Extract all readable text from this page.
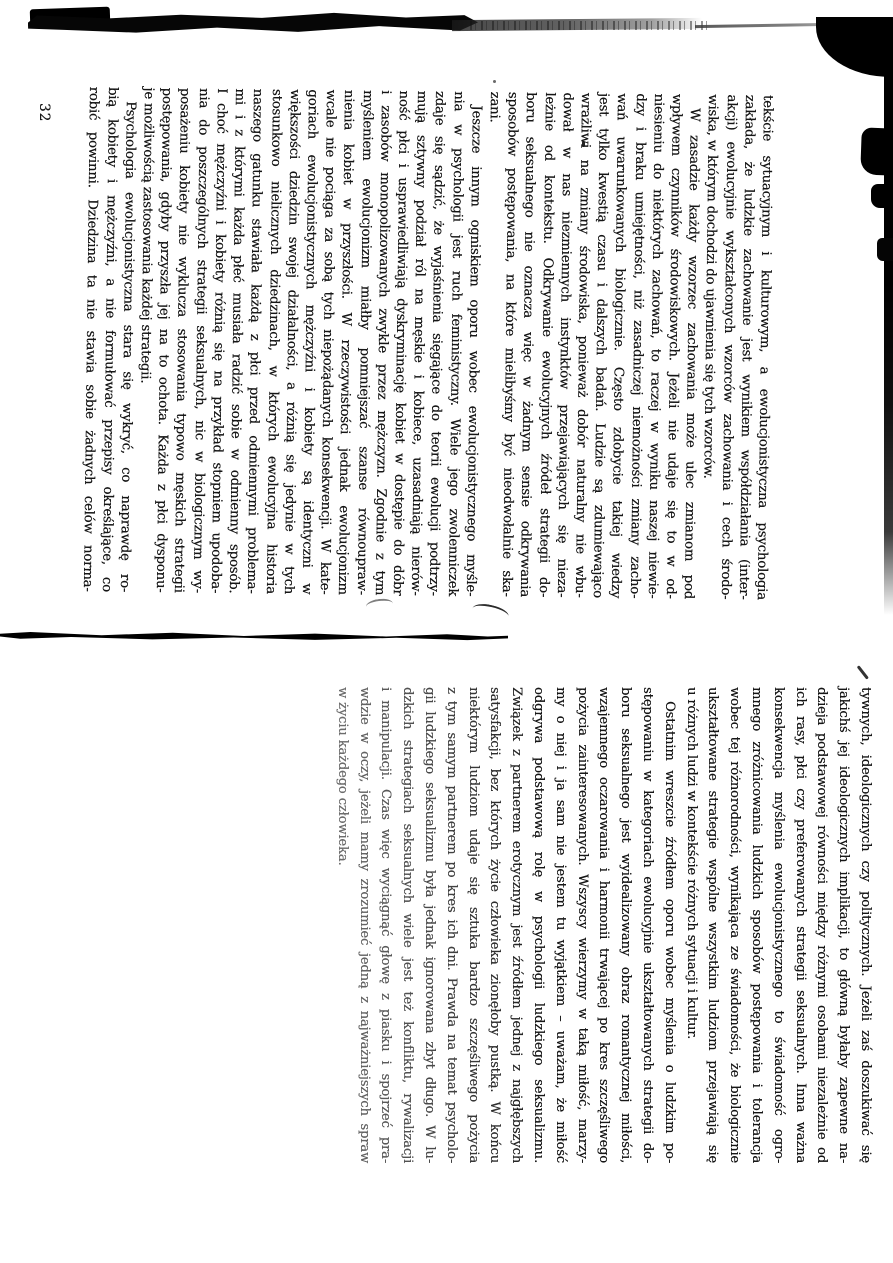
32	tekście sytuacyjnym i kulturowym, a ewolucjonistyczna psychologia
zakłada, że ludzkie zachowanie jest wynikiem współdziałania (inter-
akcji) ewolucyjnie wykształconych wzorców zachowania i cech środo-
wiska, w którym dochodzi do ujawnienia się tych wzorców.
W zasadzie każdy wzorzec zachowania może ulec zmianom pod
wpływem czynników środowiskowych. Jeżeli nie udaje się to w od-
niesieniu do niektórych zachowań, to raczej w wyniku naszej niewie-
dzy i braku umiejętności, niż zasadniczej niemożności zmiany zacho-
wań uwarunkowanych biologicznie. Często zdobycie takiej wiedzy
jest tylko kwestią czasu i dalszych badań. Ludzie są zdumiewająco
wrażliwi na zmiany środowiska, ponieważ dobór naturalny nie wbu-
dował w nas niezmiennych instynktów przejawiających się nieza-
leżnie od kontekstu. Odkrywanie ewolucyjnych źródeł strategii do-
boru seksualnego nie oznacza więc w żadnym sensie odkrywania
sposobów postępowania, na które mielibyśmy być nieodwołalnie ska-
zani.
Jeszcze innym ogniskiem oporu wobec ewolucjonistycznego myśle-
nia w psychologii jest ruch feministyczny. Wiele jego zwolenniczek
zdaje się sądzić, że wyjaśnienia sięgające do teorii ewolucji podtrzy-
mują sztywny podział ról na męskie i kobiece, uzasadniają nierów-
ność płci i usprawiedliwiają dyskryminację kobiet w dostępie do dóbr
i zasobów monopolizowanych zwykle przez mężczyzn. Zgodnie z tym
myśleniem ewolucjonizm miałby pomniejszać szanse równoupraw-
nienia kobiet w przyszłości. W rzeczywistości jednak ewolucjonizm
wcale nie pociąga za sobą tych niepożądanych konsekwencji. W kate-
goriach ewolucjonistycznych mężczyźni i kobiety są identyczni w
większości dziedzin swojej działalności, a różnią się jedynie w tych
stosunkowo nielicznych dziedzinach, w których ewolucyjna historia
naszego gatunku stawiała każdą z płci przed odmiennymi problema-
mi i z którymi każda płeć musiała radzić sobie w odmienny sposób.
I choć mężczyźni i kobiety różnią się na przykład stopniem upodoba-
nia do poszczególnych strategii seksualnych, nic w biologicznym wy-
posażeniu kobiety nie wyklucza stosowania typowo męskich strategii
postępowania, gdyby przyszła jej na to ochota. Każda z płci dysponu-
je możliwością zastosowania każdej strategii.
Psychologia ewolucjonistyczna stara się wykryć, co naprawdę ro-
bią kobiety i mężczyźni, a nie formułować przepisy określające, co
robić powinni. Dziedzina ta nie stawia sobie żadnych celów norma-
tywnych, ideologicznych czy politycznych. Jeżeli zaś doszukiwać się
jakichś jej ideologicznych implikacji, to główną byłaby zapewne na-
dzieja podstawowej równości między różnymi osobami niezależnie od
ich rasy, płci czy preferowanych strategii seksualnych. Inna ważna
konsekwencja myślenia ewolucjonistycznego to świadomość ogro-
mnego zróżnicowania ludzkich sposobów postępowania i tolerancja
wobec tej różnorodności, wynikająca ze świadomości, że biologicznie
ukształtowane strategie wspólne wszystkim ludziom przejawiają się
u różnych ludzi w kontekście różnych sytuacji i kultur.
Ostatnim wreszcie źródłem oporu wobec myślenia o ludzkim po-
stępowaniu w kategoriach ewolucyjnie ukształtowanych strategii do-
boru seksualnego jest wyidealizowany obraz romantycznej miłości,
wzajemnego oczarowania i harmonii trwającej po kres szczęśliwego
pożycia zainteresowanych. Wszyscy wierzymy w taką miłość, marzy-
my o niej i ja sam nie jestem tu wyjątkiem – uważam, że miłość
odgrywa podstawową rolę w psychologii ludzkiego seksualizmu.
Związek z partnerem erotycznym jest źródłem jednej z najgłębszych
satysfakcji, bez których życie człowieka zionęłoby pustką. W końcu
niektórym ludziom udaje się sztuka bardzo szczęśliwego pożycia
z tym samym partnerem po kres ich dni. Prawda na temat psycholo-
gii ludzkiego seksualizmu była jednak ignorowana zbyt długo. W lu-
dzkich strategiach seksualnych wiele jest też konfliktu, rywalizacji
i manipulacji. Czas więc wyciągnąć głowę z piasku i spojrzeć pra-
wdzie w oczy, jeżeli mamy zrozumieć jedną z najważniejszych spraw
w życiu każdego człowieka.
